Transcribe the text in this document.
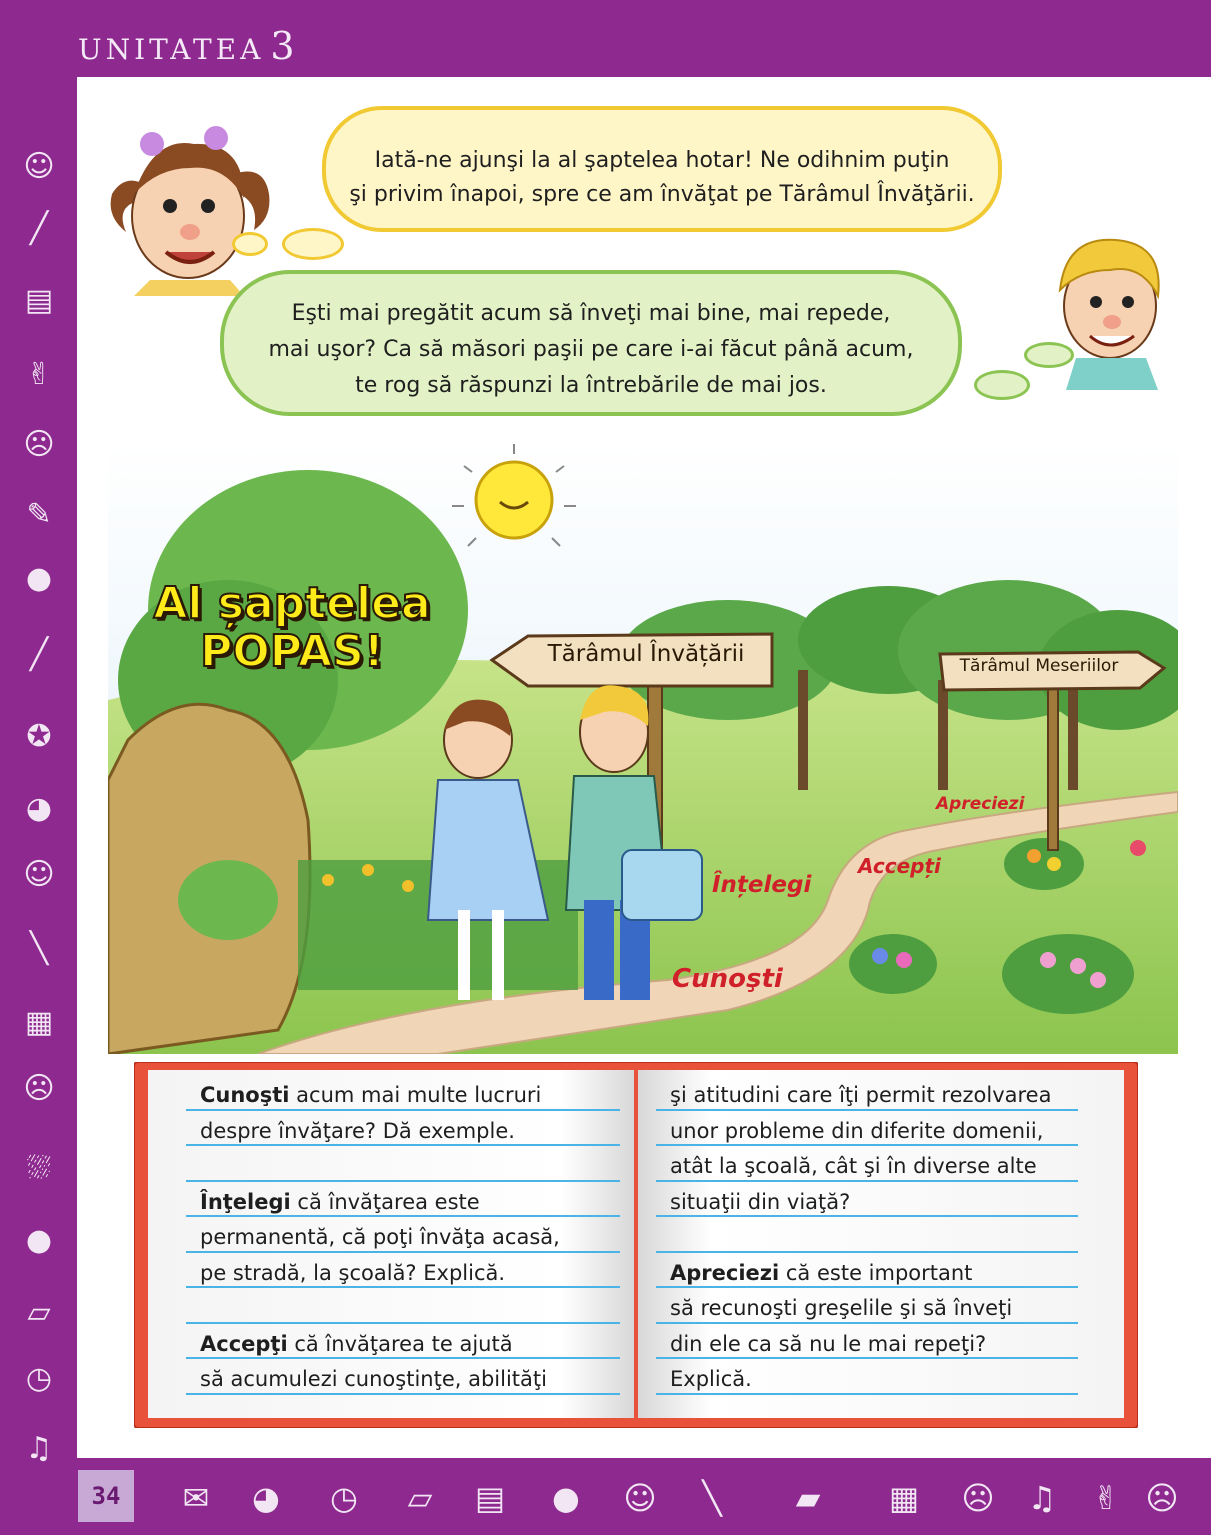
UNITATEA 3
34
☺
╱
▤
✌
☹
✎
●
╱
✪
◕
☺
╲
▦
☹
⛆
●
▱
◷
♫
✉ ◕ ◷	▱	▤ ● ☺	╲	▰	▦ ☹ ♫ ✌ ☹
Iată-ne ajunşi la al şaptelea hotar! Ne odihnim puţin
şi privim înapoi, spre ce am învăţat pe Tărâmul Învăţării.
Eşti mai pregătit acum să înveţi mai bine, mai repede,
mai uşor? Ca să măsori paşii pe care i-ai făcut până acum,
te rog să răspunzi la întrebările de mai jos.
Al șaptelea
POPAS!	Tărâmul Învățării	Tărâmul Meseriilor
Cunoşti
Înțelegi
Accepți
Apreciezi

Cunoşti acum mai multe lucruri

despre învăţare? Dă exemple.

Înţelegi că învăţarea este

permanentă, că poţi învăţa acasă,

pe stradă, la şcoală? Explică.

Accepţi că învăţarea te ajută

să acumulezi cunoştinţe, abilităţi

şi atitudini care îţi permit rezolvarea

unor probleme din diferite domenii,

atât la şcoală, cât şi în diverse alte

situaţii din viaţă?

Apreciezi că este important

să recunoşti greşelile şi să înveţi

din ele ca să nu le mai repeţi?

Explică.
